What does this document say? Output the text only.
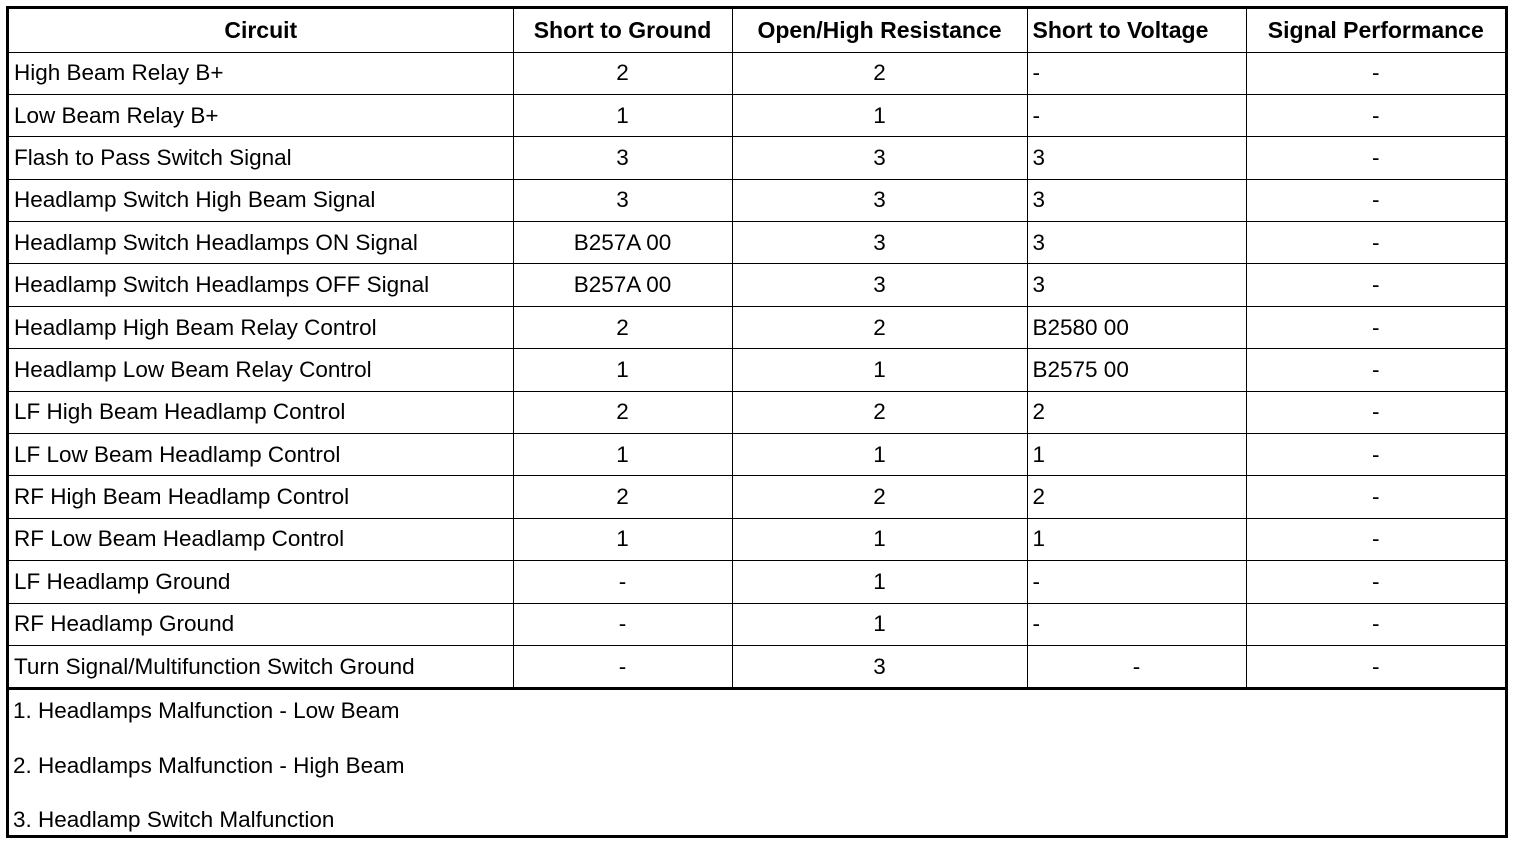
Circuit	Short to Ground	Open/High Resistance	Short to Voltage	Signal Performance
High Beam Relay B+	2	2	-	-
Low Beam Relay B+	1	1	-	-
Flash to Pass Switch Signal	3	3	3	-
Headlamp Switch High Beam Signal	3	3	3	-
Headlamp Switch Headlamps ON Signal	B257A 00	3	3	-
Headlamp Switch Headlamps OFF Signal	B257A 00	3	3	-
Headlamp High Beam Relay Control	2	2	B2580 00	-
Headlamp Low Beam Relay Control	1	1	B2575 00	-
LF High Beam Headlamp Control	2	2	2	-
LF Low Beam Headlamp Control	1	1	1	-
RF High Beam Headlamp Control	2	2	2	-
RF Low Beam Headlamp Control	1	1	1	-
LF Headlamp Ground	-	1	-	-
RF Headlamp Ground	-	1	-	-
Turn Signal/Multifunction Switch Ground	-	3	-	-
1. Headlamps Malfunction - Low Beam
2. Headlamps Malfunction - High Beam
3. Headlamp Switch Malfunction
